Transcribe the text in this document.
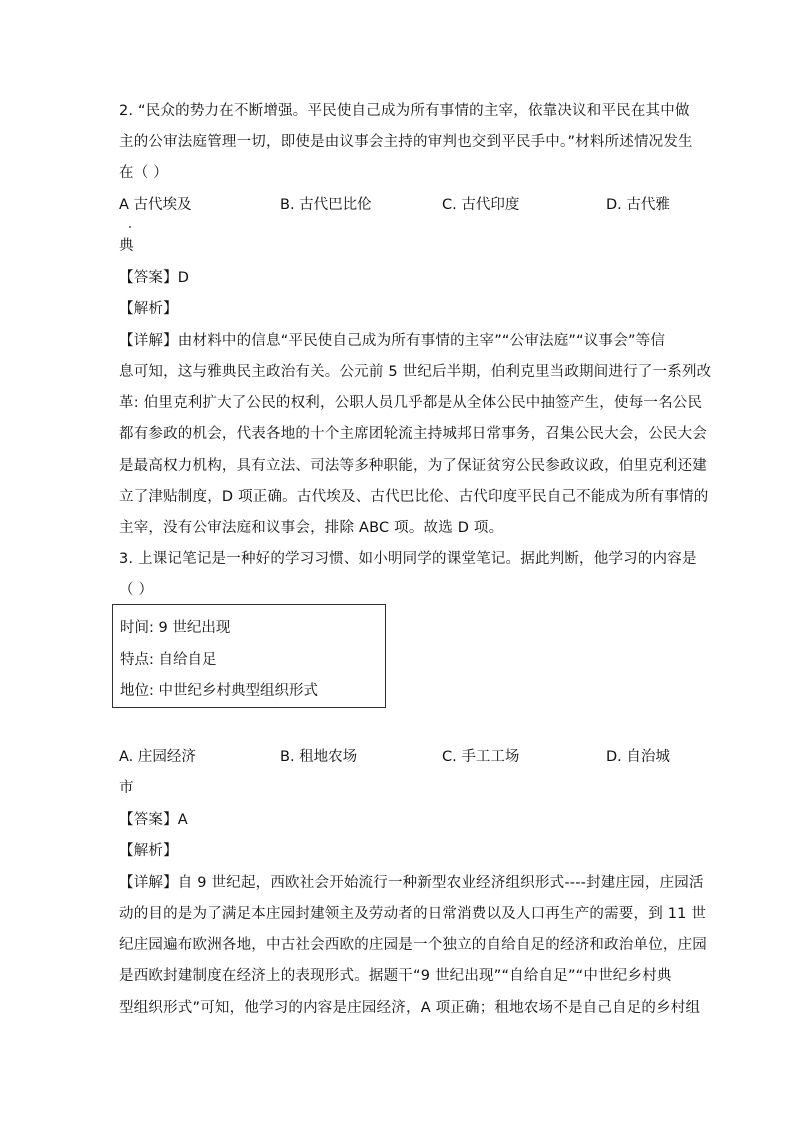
2. “民众的势力在不断增强。平民使自己成为所有事情的主宰，依靠决议和平民在其中做
主的公审法庭管理一切，即使是由议事会主持的审判也交到平民手中。”材料所述情况发生
在（ ）
A 古代埃及	B. 古代巴比伦	C. 古代印度	D. 古代雅
典
【答案】D
【解析】
【详解】由材料中的信息“平民使自己成为所有事情的主宰”“公审法庭”“议事会”等信
息可知，这与雅典民主政治有关。公元前 5 世纪后半期，伯利克里当政期间进行了一系列改
革: 伯里克利扩大了公民的权利，公职人员几乎都是从全体公民中抽签产生，使每一名公民
都有参政的机会，代表各地的十个主席团轮流主持城邦日常事务，召集公民大会，公民大会
是最高权力机构，具有立法、司法等多种职能，为了保证贫穷公民参政议政，伯里克利还建
立了津贴制度，D 项正确。古代埃及、古代巴比伦、古代印度平民自己不能成为所有事情的
主宰，没有公审法庭和议事会，排除 ABC 项。故选 D 项。
3. 上课记笔记是一种好的学习习惯、如小明同学的课堂笔记。据此判断，他学习的内容是
（ ）
时间: 9 世纪出现
特点: 自给自足
地位: 中世纪乡村典型组织形式
A. 庄园经济	B. 租地农场	C. 手工工场	D. 自治城
市
【答案】A
【解析】
【详解】自 9 世纪起，西欧社会开始流行一种新型农业经济组织形式----封建庄园，庄园活
动的目的是为了满足本庄园封建领主及劳动者的日常消费以及人口再生产的需要，到 11 世
纪庄园遍布欧洲各地，中古社会西欧的庄园是一个独立的自给自足的经济和政治单位，庄园
是西欧封建制度在经济上的表现形式。据题干“9 世纪出现”“自给自足”“中世纪乡村典
型组织形式”可知，他学习的内容是庄园经济，A 项正确；租地农场不是自己自足的乡村组
